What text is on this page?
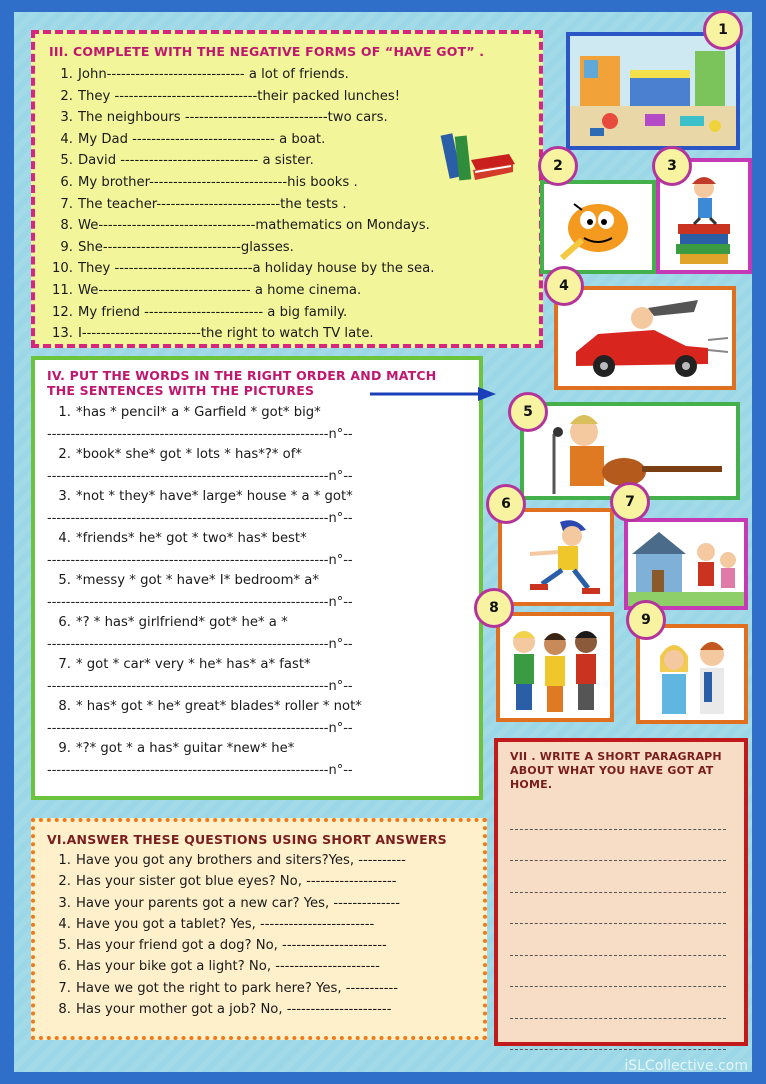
III. COMPLETE WITH THE NEGATIVE FORMS OF “HAVE GOT” .
1. John----------------------------- a lot of friends.
2. They ------------------------------their packed lunches!
3. The neighbours ------------------------------two cars.
4. My Dad ------------------------------ a boat.
5. David ----------------------------- a sister.
6. My brother-----------------------------his books .
7. The teacher--------------------------the tests .
8. We---------------------------------mathematics on Mondays.
9. She-----------------------------glasses.
10. They -----------------------------a holiday house by the sea.
11. We-------------------------------- a home cinema.
12. My friend ------------------------- a big family.
13. I-------------------------the right to watch TV late.
IV. PUT THE WORDS IN THE RIGHT ORDER AND MATCH
THE SENTENCES WITH THE PICTURES
1. *has * pencil* a * Garfield * got* big*
------------------------------------------------------------n°--
2. *book* she* got * lots * has*?* of*
------------------------------------------------------------n°--
3. *not * they* have* large* house * a * got*
------------------------------------------------------------n°--
4. *friends* he* got * two* has* best*
------------------------------------------------------------n°--
5. *messy * got * have* I* bedroom* a*
------------------------------------------------------------n°--
6. *? * has* girlfriend* got* he* a *
------------------------------------------------------------n°--
7. * got * car* very * he* has* a* fast*
------------------------------------------------------------n°--
8. * has* got * he* great* blades* roller * not*
------------------------------------------------------------n°--
9. *?* got * a has* guitar *new* he*
------------------------------------------------------------n°--
VI.ANSWER THESE QUESTIONS USING SHORT ANSWERS
1. Have you got any brothers and siters?Yes, ----------
2. Has your sister got blue eyes? No, -------------------
3. Have your parents got a new car? Yes, --------------
4. Have you got a tablet? Yes, ------------------------
5. Has your friend got a dog? No, ----------------------
6. Has your bike got a light? No, ----------------------
7. Have we got the right to park here? Yes, -----------
8. Has your mother got a job? No, ----------------------
VII . WRITE A SHORT PARAGRAPH ABOUT WHAT YOU HAVE GOT AT HOME.
1
2	3
4
5
6	7
8
9
iSLCollective.com
